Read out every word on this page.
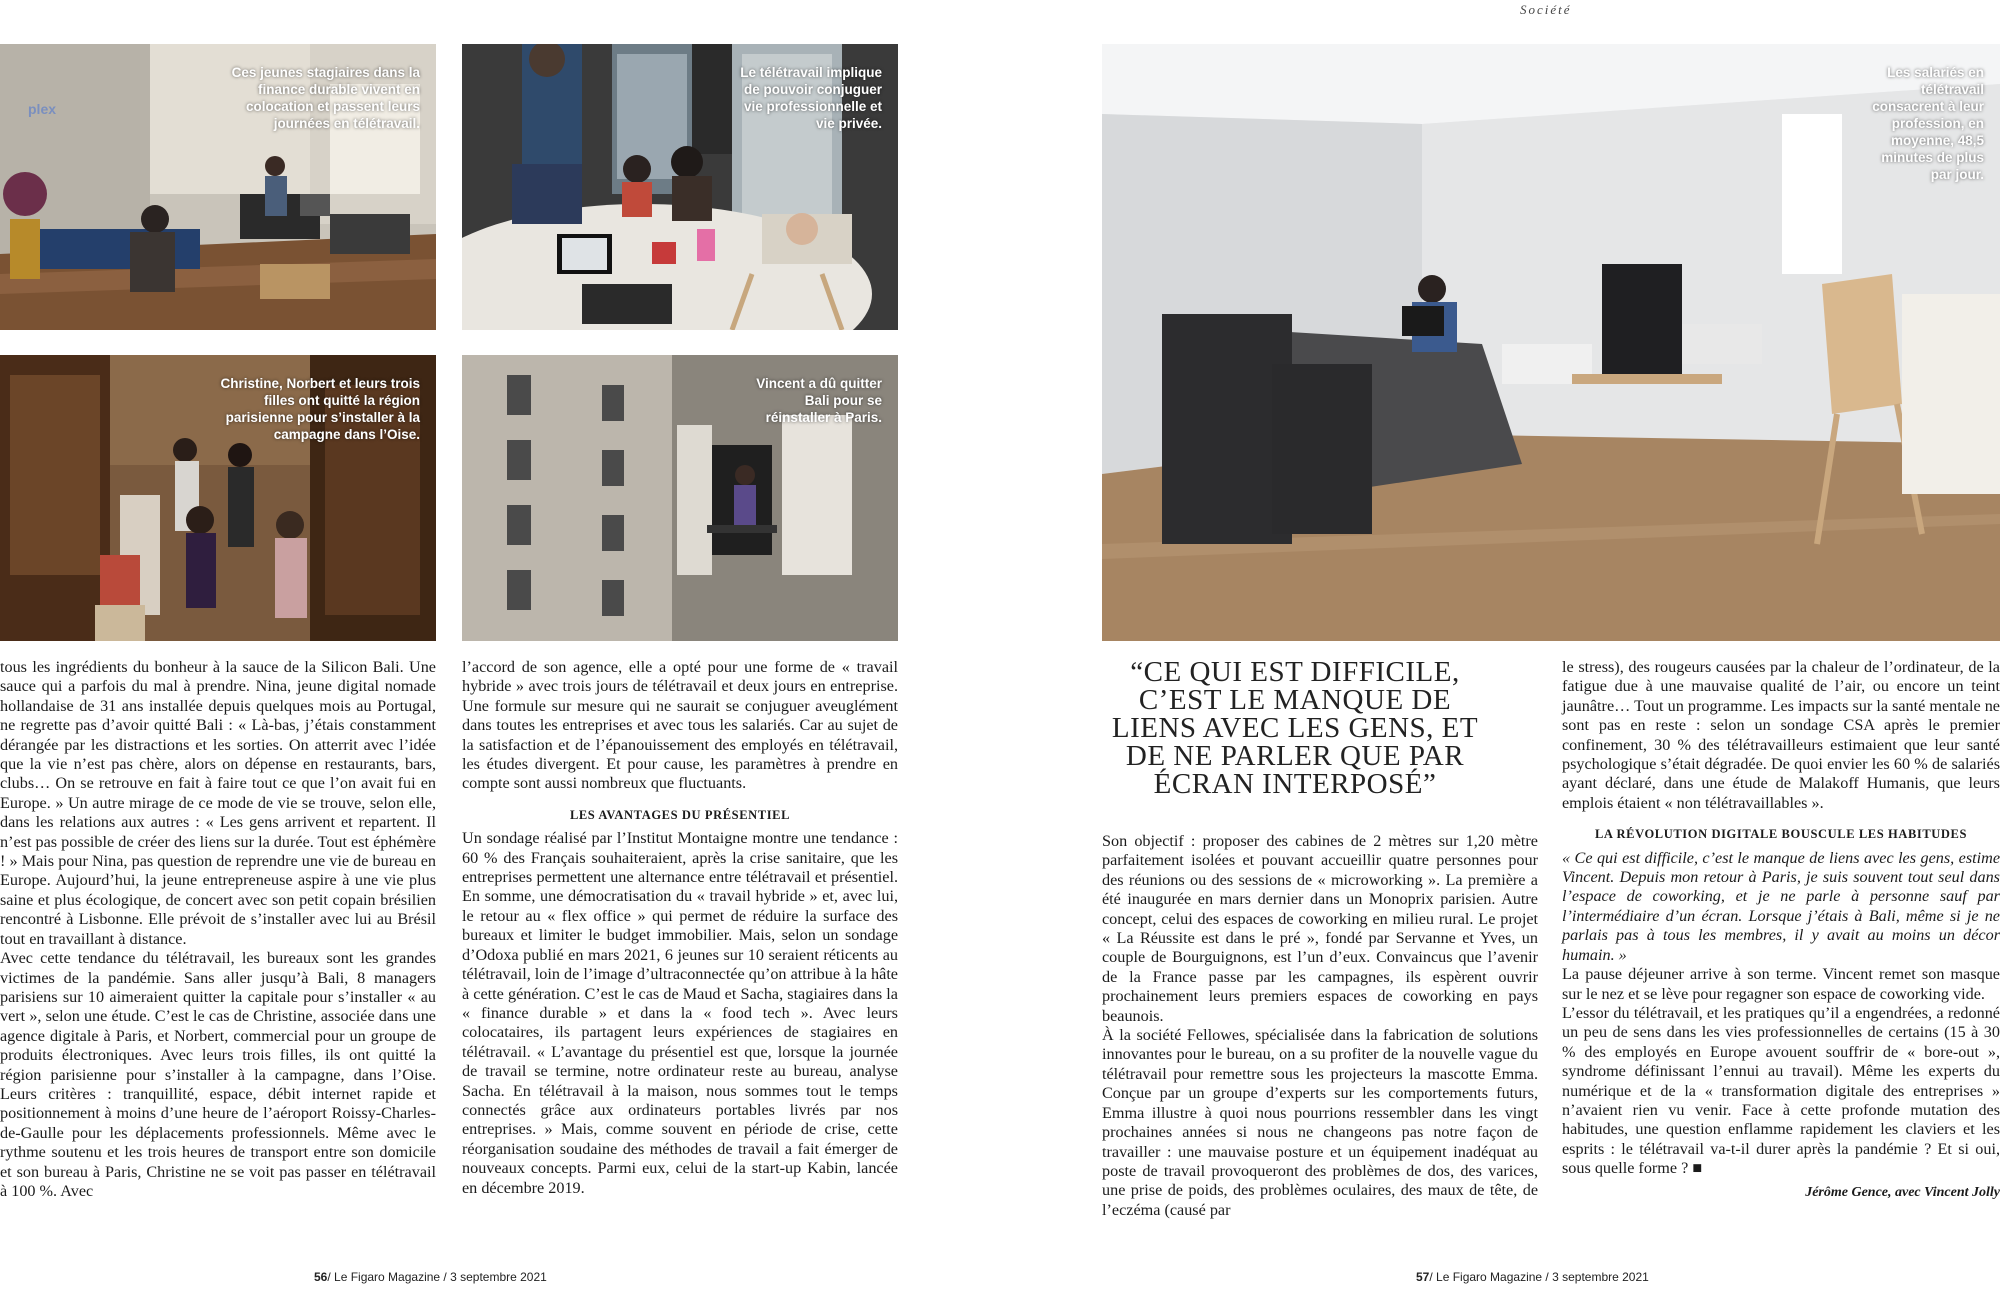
Société
plex
Ces jeunes stagiaires dans la finance durable vivent en colocation et passent leurs journées en télétravail.
Le télétravail implique de pouvoir conjuguer vie professionnelle et vie privée.
Christine, Norbert et leurs trois filles ont quitté la région parisienne pour s’installer à la campagne dans l’Oise.
Vincent a dû quitter Bali pour se réinstaller à Paris.
Les salariés en télétravail consacrent à leur profession, en moyenne, 48,5 minutes de plus par jour.

tous les ingrédients du bonheur à la sauce de la Silicon Bali. Une sauce qui a parfois du mal à prendre. Nina, jeune digital nomade hollandaise de 31 ans installée depuis quelques mois au Portugal, ne regrette pas d’avoir quitté Bali : « Là-bas, j’étais constamment dérangée par les distractions et les sorties. On atterrit avec l’idée que la vie n’est pas chère, alors on dépense en restaurants, bars, clubs… On se retrouve en fait à faire tout ce que l’on avait fui en Europe. » Un autre mirage de ce mode de vie se trouve, selon elle, dans les relations aux autres : « Les gens arrivent et repartent. Il n’est pas possible de créer des liens sur la durée. Tout est éphémère ! » Mais pour Nina, pas question de reprendre une vie de bureau en Europe. Aujourd’hui, la jeune entrepreneuse aspire à une vie plus saine et plus écologique, de concert avec son petit copain brésilien rencontré à Lisbonne. Elle prévoit de s’installer avec lui au Brésil tout en travaillant à distance.

Avec cette tendance du télétravail, les bureaux sont les grandes victimes de la pandémie. Sans aller jusqu’à Bali, 8 managers parisiens sur 10 aimeraient quitter la capitale pour s’installer « au vert », selon une étude. C’est le cas de Christine, associée dans une agence digitale à Paris, et Norbert, commercial pour un groupe de produits électroniques. Avec leurs trois filles, ils ont quitté la région parisienne pour s’installer à la campagne, dans l’Oise. Leurs critères : tranquillité, espace, débit internet rapide et positionnement à moins d’une heure de l’aéroport Roissy-Charles-de-Gaulle pour les déplacements professionnels. Même avec le rythme soutenu et les trois heures de transport entre son domicile et son bureau à Paris, Christine ne se voit pas passer en télétravail à 100 %. Avec

l’accord de son agence, elle a opté pour une forme de « travail hybride » avec trois jours de télétravail et deux jours en entreprise. Une formule sur mesure qui ne saurait se conjuguer aveuglément dans toutes les entreprises et avec tous les salariés. Car au sujet de la satisfaction et de l’épanouissement des employés en télétravail, les études divergent. Et pour cause, les paramètres à prendre en compte sont aussi nombreux que fluctuants.

LES AVANTAGES DU PRÉSENTIEL

Un sondage réalisé par l’Institut Montaigne montre une tendance : 60 % des Français souhaiteraient, après la crise sanitaire, que les entreprises permettent une alternance entre télétravail et présentiel. En somme, une démocratisation du « travail hybride » et, avec lui, le retour au « flex office » qui permet de réduire la surface des bureaux et limiter le budget immobilier. Mais, selon un sondage d’Odoxa publié en mars 2021, 6 jeunes sur 10 seraient réticents au télétravail, loin de l’image d’ultraconnectée qu’on attribue à la hâte à cette génération. C’est le cas de Maud et Sacha, stagiaires dans la « finance durable » et dans la « food tech ». Avec leurs colocataires, ils partagent leurs expériences de stagiaires en télétravail. « L’avantage du présentiel est que, lorsque la journée de travail se termine, notre ordinateur reste au bureau, analyse Sacha. En télétravail à la maison, nous sommes tout le temps connectés grâce aux ordinateurs portables livrés par nos entreprises. » Mais, comme souvent en période de crise, cette réorganisation soudaine des méthodes de travail a fait émerger de nouveaux concepts. Parmi eux, celui de la start-up Kabin, lancée en décembre 2019.

“CE QUI EST DIFFICILE, C’EST LE MANQUE DE LIENS AVEC LES GENS, ET DE NE PARLER QUE PAR ÉCRAN INTERPOSÉ”

Son objectif : proposer des cabines de 2 mètres sur 1,20 mètre parfaitement isolées et pouvant accueillir quatre personnes pour des réunions ou des sessions de « microworking ». La première a été inaugurée en mars dernier dans un Monoprix parisien. Autre concept, celui des espaces de coworking en milieu rural. Le projet « La Réussite est dans le pré », fondé par Servanne et Yves, un couple de Bourguignons, est l’un d’eux. Convaincus que l’avenir de la France passe par les campagnes, ils espèrent ouvrir prochainement leurs premiers espaces de coworking en pays beaunois.

À la société Fellowes, spécialisée dans la fabrication de solutions innovantes pour le bureau, on a su profiter de la nouvelle vague du télétravail pour remettre sous les projecteurs la mascotte Emma. Conçue par un groupe d’experts sur les comportements futurs, Emma illustre à quoi nous pourrions ressembler dans les vingt prochaines années si nous ne changeons pas notre façon de travailler : une mauvaise posture et un équipement inadéquat au poste de travail provoqueront des problèmes de dos, des varices, une prise de poids, des problèmes oculaires, des maux de tête, de l’eczéma (causé par

le stress), des rougeurs causées par la chaleur de l’ordinateur, de la fatigue due à une mauvaise qualité de l’air, ou encore un teint jaunâtre… Tout un programme. Les impacts sur la santé mentale ne sont pas en reste : selon un sondage CSA après le premier confinement, 30 % des télétravailleurs estimaient que leur santé psychologique s’était dégradée. De quoi envier les 60 % de salariés ayant déclaré, dans une étude de Malakoff Humanis, que leurs emplois étaient « non télétravaillables ».

LA RÉVOLUTION DIGITALE BOUSCULE LES HABITUDES

« Ce qui est difficile, c’est le manque de liens avec les gens, estime Vincent. Depuis mon retour à Paris, je suis souvent tout seul dans l’espace de coworking, et je ne parle à personne sauf par l’intermédiaire d’un écran. Lorsque j’étais à Bali, même si je ne parlais pas à tous les membres, il y avait au moins un décor humain. »

La pause déjeuner arrive à son terme. Vincent remet son masque sur le nez et se lève pour regagner son espace de coworking vide.

L’essor du télétravail, et les pratiques qu’il a engendrées, a redonné un peu de sens dans les vies professionnelles de certains (15 à 30 % des employés en Europe avouent souffrir de « bore-out », syndrome définissant l’ennui au travail). Même les experts du numérique et de la « transformation digitale des entreprises » n’avaient rien vu venir. Face à cette profonde mutation des habitudes, une question enflamme rapidement les claviers et les esprits : le télétravail va-t-il durer après la pandémie ? Et si oui, sous quelle forme ? ■

Jérôme Gence, avec Vincent Jolly
56/ Le Figaro Magazine / 3 septembre 2021	57/ Le Figaro Magazine / 3 septembre 2021
